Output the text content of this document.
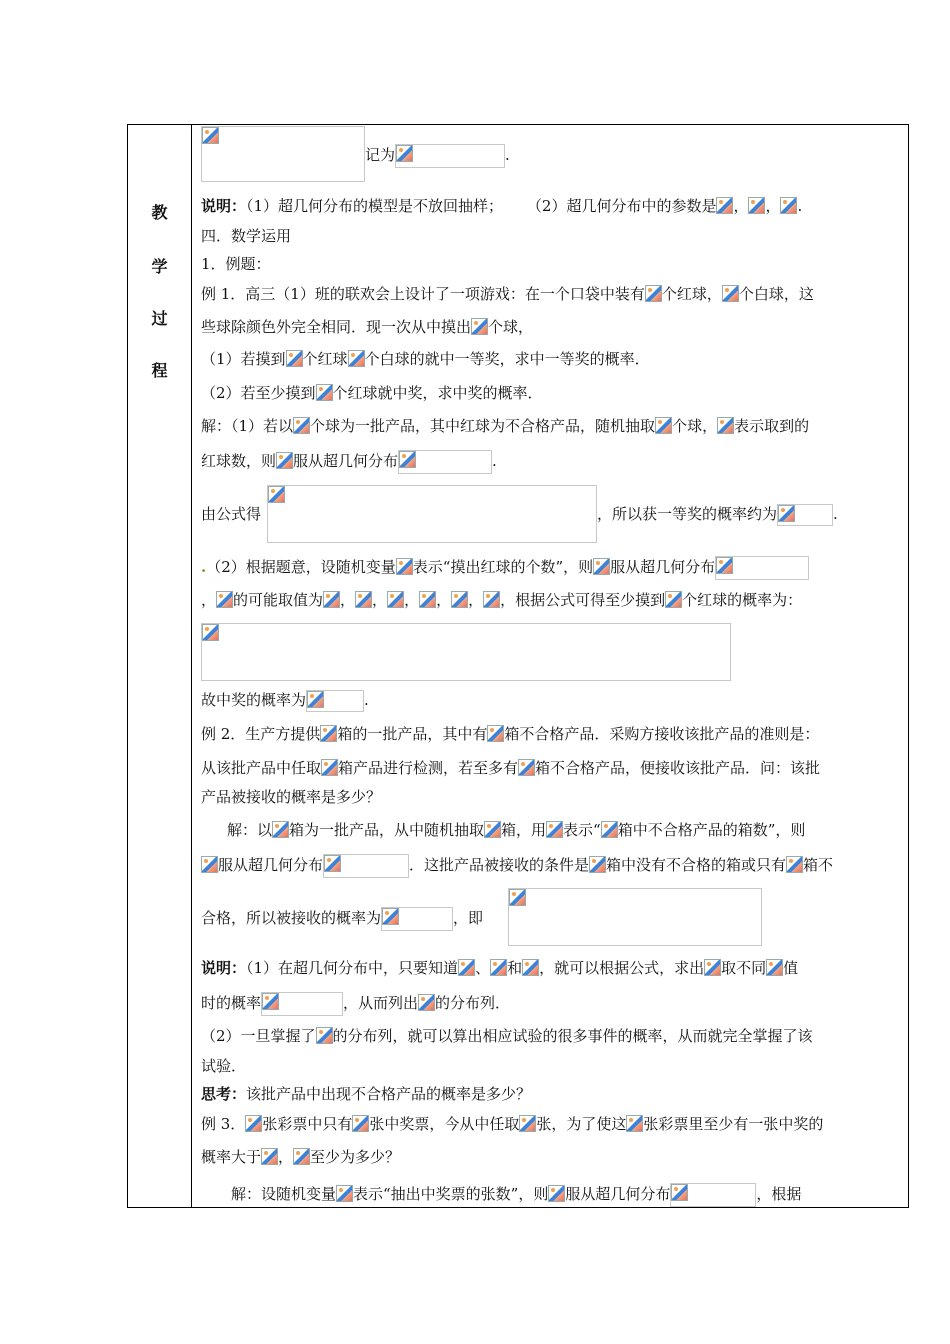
教
学
过
程
记为	.
说明：（1）超几何分布的模型是不放回抽样； （2）超几何分布中的参数是 ， ， .
四．数学运用
1．例题：
例 1．高三（1）班的联欢会上设计了一项游戏：在一个口袋中装有 个红球， 个白球，这
些球除颜色外完全相同．现一次从中摸出 个球，
（1）若摸到 个红球 个白球的就中一等奖，求中一等奖的概率．
（2）若至少摸到 个红球就中奖，求中奖的概率．
解：（1）若以 个球为一批产品，其中红球为不合格产品，随机抽取 个球， 表示取到的
红球数，则 服从超几何分布	.
由公式得	，所以获一等奖的概率约为	.
.（2）根据题意，设随机变量 表示“摸出红球的个数”，则 服从超几何分布
， 的可能取值为 ， ， ， ， ， ，根据公式可得至少摸到 个红球的概率为：
故中奖的概率为	.
例 2．生产方提供 箱的一批产品，其中有 箱不合格产品．采购方接收该批产品的准则是：
从该批产品中任取 箱产品进行检测，若至多有 箱不合格产品，便接收该批产品．问：该批
产品被接收的概率是多少？
解：以 箱为一批产品，从中随机抽取 箱，用 表示“ 箱中不合格产品的箱数”，则
服从超几何分布	．这批产品被接收的条件是 箱中没有不合格的箱或只有 箱不
合格，所以被接收的概率为	，即
说明：（1）在超几何分布中，只要知道 、 和 ，就可以根据公式，求出 取不同 值
时的概率	，从而列出 的分布列．
（2）一旦掌握了 的分布列，就可以算出相应试验的很多事件的概率，从而就完全掌握了该
试验．
思考：该批产品中出现不合格产品的概率是多少？
例 3． 张彩票中只有 张中奖票，今从中任取 张，为了使这 张彩票里至少有一张中奖的
概率大于 ， 至少为多少？
解：设随机变量 表示“抽出中奖票的张数”，则 服从超几何分布	，根据
